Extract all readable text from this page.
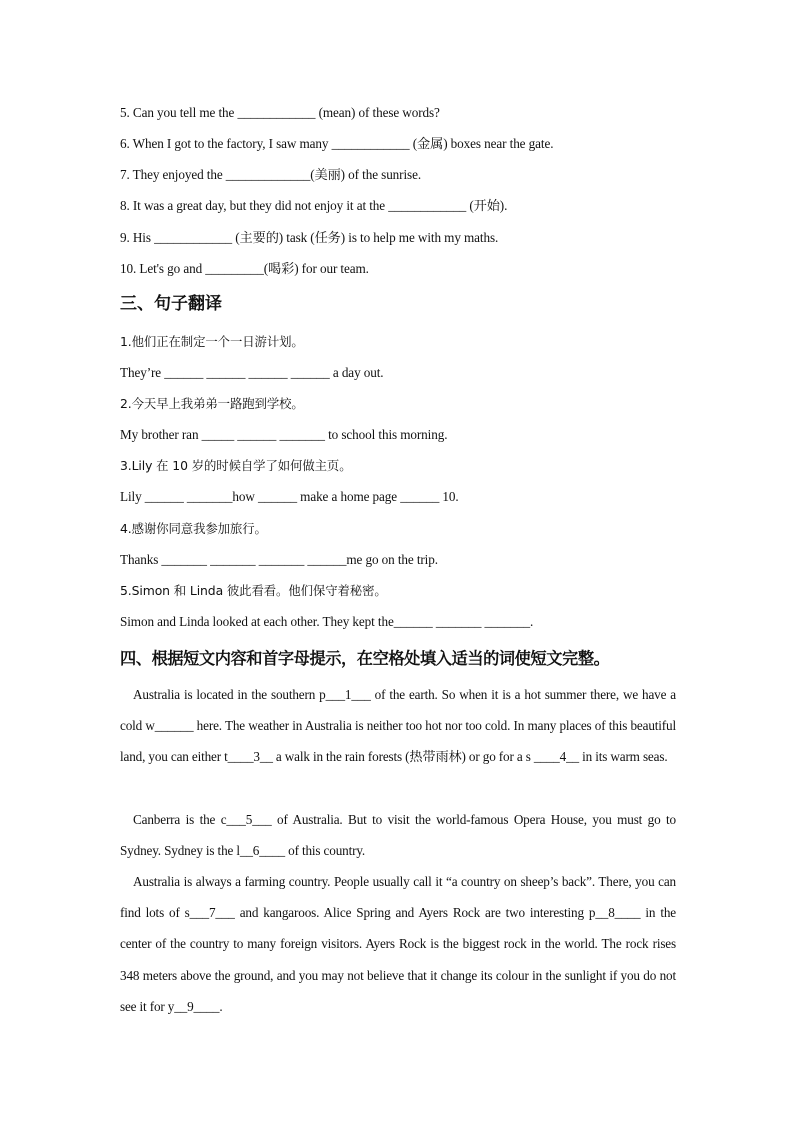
5. Can you tell me the ____________ (mean) of these words?
6. When I got to the factory, I saw many ____________ (金属) boxes near the gate.
7. They enjoyed the _____________(美丽) of the sunrise.
8. It was a great day, but they did not enjoy it at the ____________ (开始).
9. His ____________ (主要的) task (任务) is to help me with my maths.
10. Let's go and _________(喝彩) for our team.
三、句子翻译
1.他们正在制定一个一日游计划。
They’re ______ ______ ______ ______ a day out.
2.今天早上我弟弟一路跑到学校。
My brother ran _____ ______ _______ to school this morning.
3.Lily 在 10 岁的时候自学了如何做主页。
Lily ______ _______how ______ make a home page ______ 10.
4.感谢你同意我参加旅行。
Thanks _______ _______ _______ ______me go on the trip.
5.Simon 和 Linda 彼此看看。他们保守着秘密。
Simon and Linda looked at each other. They kept the______ _______ _______.
四、根据短文内容和首字母提示，在空格处填入适当的词使短文完整。
Australia is located in the southern p___1___ of the earth. So when it is a hot summer there, we have a cold w______ here. The weather in Australia is neither too hot nor too cold. In many places of this beautiful land, you can either t____3__ a walk in the rain forests (热带雨林) or go for a s ____4__ in its warm seas.
Canberra is the c___5___ of Australia. But to visit the world-famous Opera House, you must go to Sydney. Sydney is the l__6____ of this country.
Australia is always a farming country. People usually call it “a country on sheep’s back”. There, you can find lots of s___7___ and kangaroos. Alice Spring and Ayers Rock are two interesting p__8____ in the center of the country to many foreign visitors. Ayers Rock is the biggest rock in the world. The rock rises 348 meters above the ground, and you may not believe that it change its colour in the sunlight if you do not see it for y__9____.
